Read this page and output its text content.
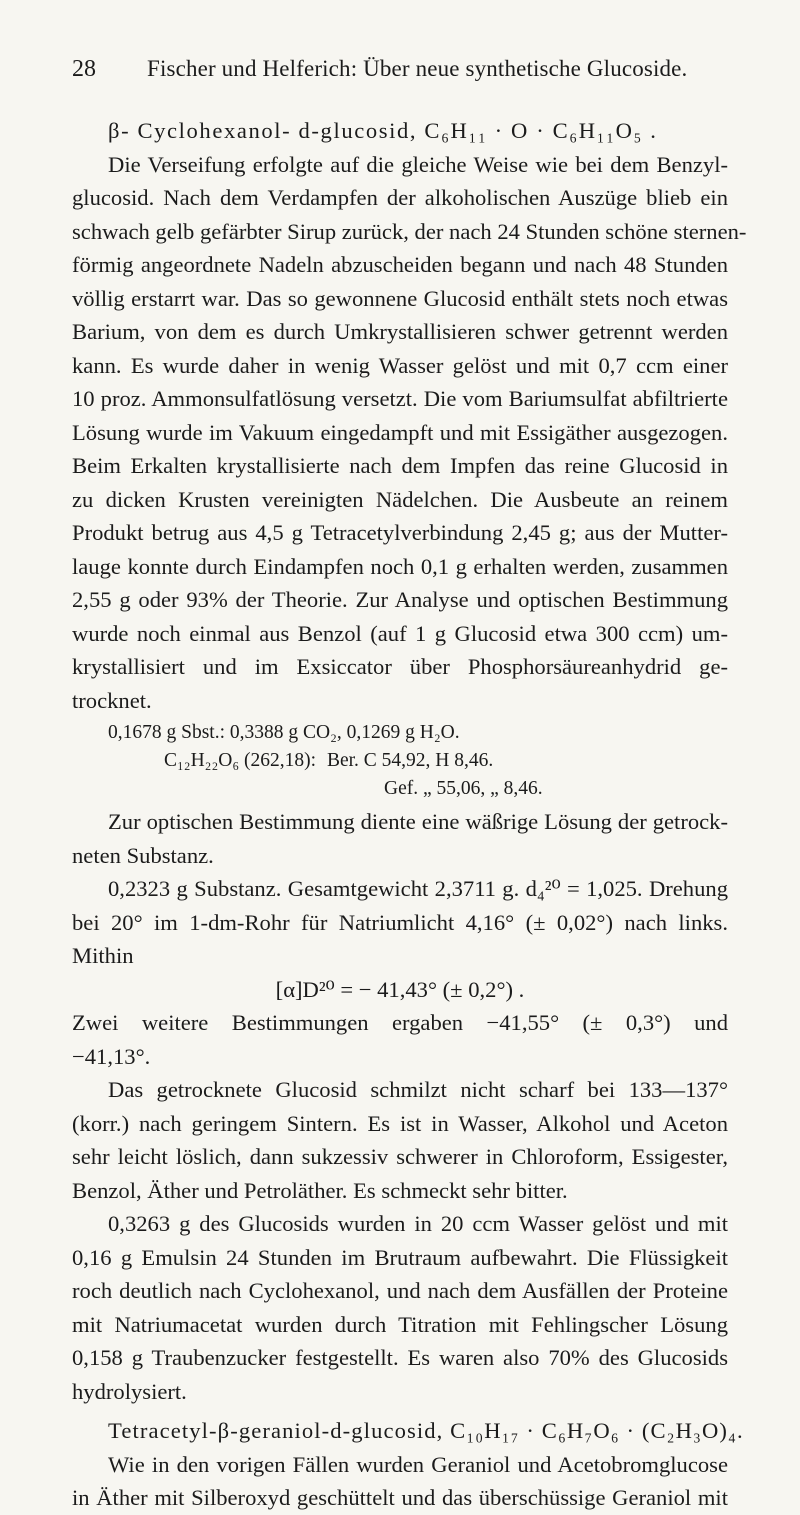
28 Fischer und Helferich: Über neue synthetische Glucoside.
β- Cyclohexanol- d-glucosid, C₆H₁₁ · O · C₆H₁₁O₅ .
Die Verseifung erfolgte auf die gleiche Weise wie bei dem Benzyl-
glucosid. Nach dem Verdampfen der alkoholischen Auszüge blieb ein
schwach gelb gefärbter Sirup zurück, der nach 24 Stunden schöne sternen-
förmig angeordnete Nadeln abzuscheiden begann und nach 48 Stunden
völlig erstarrt war. Das so gewonnene Glucosid enthält stets noch etwas
Barium, von dem es durch Umkrystallisieren schwer getrennt werden
kann. Es wurde daher in wenig Wasser gelöst und mit 0,7 ccm einer
10 proz. Ammonsulfatlösung versetzt. Die vom Bariumsulfat abfiltrierte
Lösung wurde im Vakuum eingedampft und mit Essigäther ausgezogen.
Beim Erkalten krystallisierte nach dem Impfen das reine Glucosid in
zu dicken Krusten vereinigten Nädelchen. Die Ausbeute an reinem
Produkt betrug aus 4,5 g Tetracetylverbindung 2,45 g; aus der Mutter-
lauge konnte durch Eindampfen noch 0,1 g erhalten werden, zusammen
2,55 g oder 93% der Theorie. Zur Analyse und optischen Bestimmung
wurde noch einmal aus Benzol (auf 1 g Glucosid etwa 300 ccm) um-
krystallisiert und im Exsiccator über Phosphorsäureanhydrid ge-
trocknet.
0,1678 g Sbst.: 0,3388 g CO₂, 0,1269 g H₂O.
C₁₂H₂₂O₆ (262,18): Ber. C 54,92, H 8,46.
Gef. „ 55,06, „ 8,46.
Zur optischen Bestimmung diente eine wäßrige Lösung der getrock-
neten Substanz.
0,2323 g Substanz. Gesamtgewicht 2,3711 g. d₄²⁰ = 1,025. Drehung
bei 20° im 1-dm-Rohr für Natriumlicht 4,16° (± 0,02°) nach links.
Mithin
[α]D²⁰ = − 41,43° (± 0,2°) .
Zwei weitere Bestimmungen ergaben −41,55° (± 0,3°) und
−41,13°.
Das getrocknete Glucosid schmilzt nicht scharf bei 133—137°
(korr.) nach geringem Sintern. Es ist in Wasser, Alkohol und Aceton
sehr leicht löslich, dann sukzessiv schwerer in Chloroform, Essigester,
Benzol, Äther und Petroläther. Es schmeckt sehr bitter.
0,3263 g des Glucosids wurden in 20 ccm Wasser gelöst und mit
0,16 g Emulsin 24 Stunden im Brutraum aufbewahrt. Die Flüssigkeit
roch deutlich nach Cyclohexanol, und nach dem Ausfällen der Proteine
mit Natriumacetat wurden durch Titration mit Fehlingscher Lösung
0,158 g Traubenzucker festgestellt. Es waren also 70% des Glucosids
hydrolysiert.
Tetracetyl-β-geraniol-d-glucosid, C₁₀H₁₇ · C₆H₇O₆ · (C₂H₃O)₄.
Wie in den vorigen Fällen wurden Geraniol und Acetobromglucose
in Äther mit Silberoxyd geschüttelt und das überschüssige Geraniol mit
